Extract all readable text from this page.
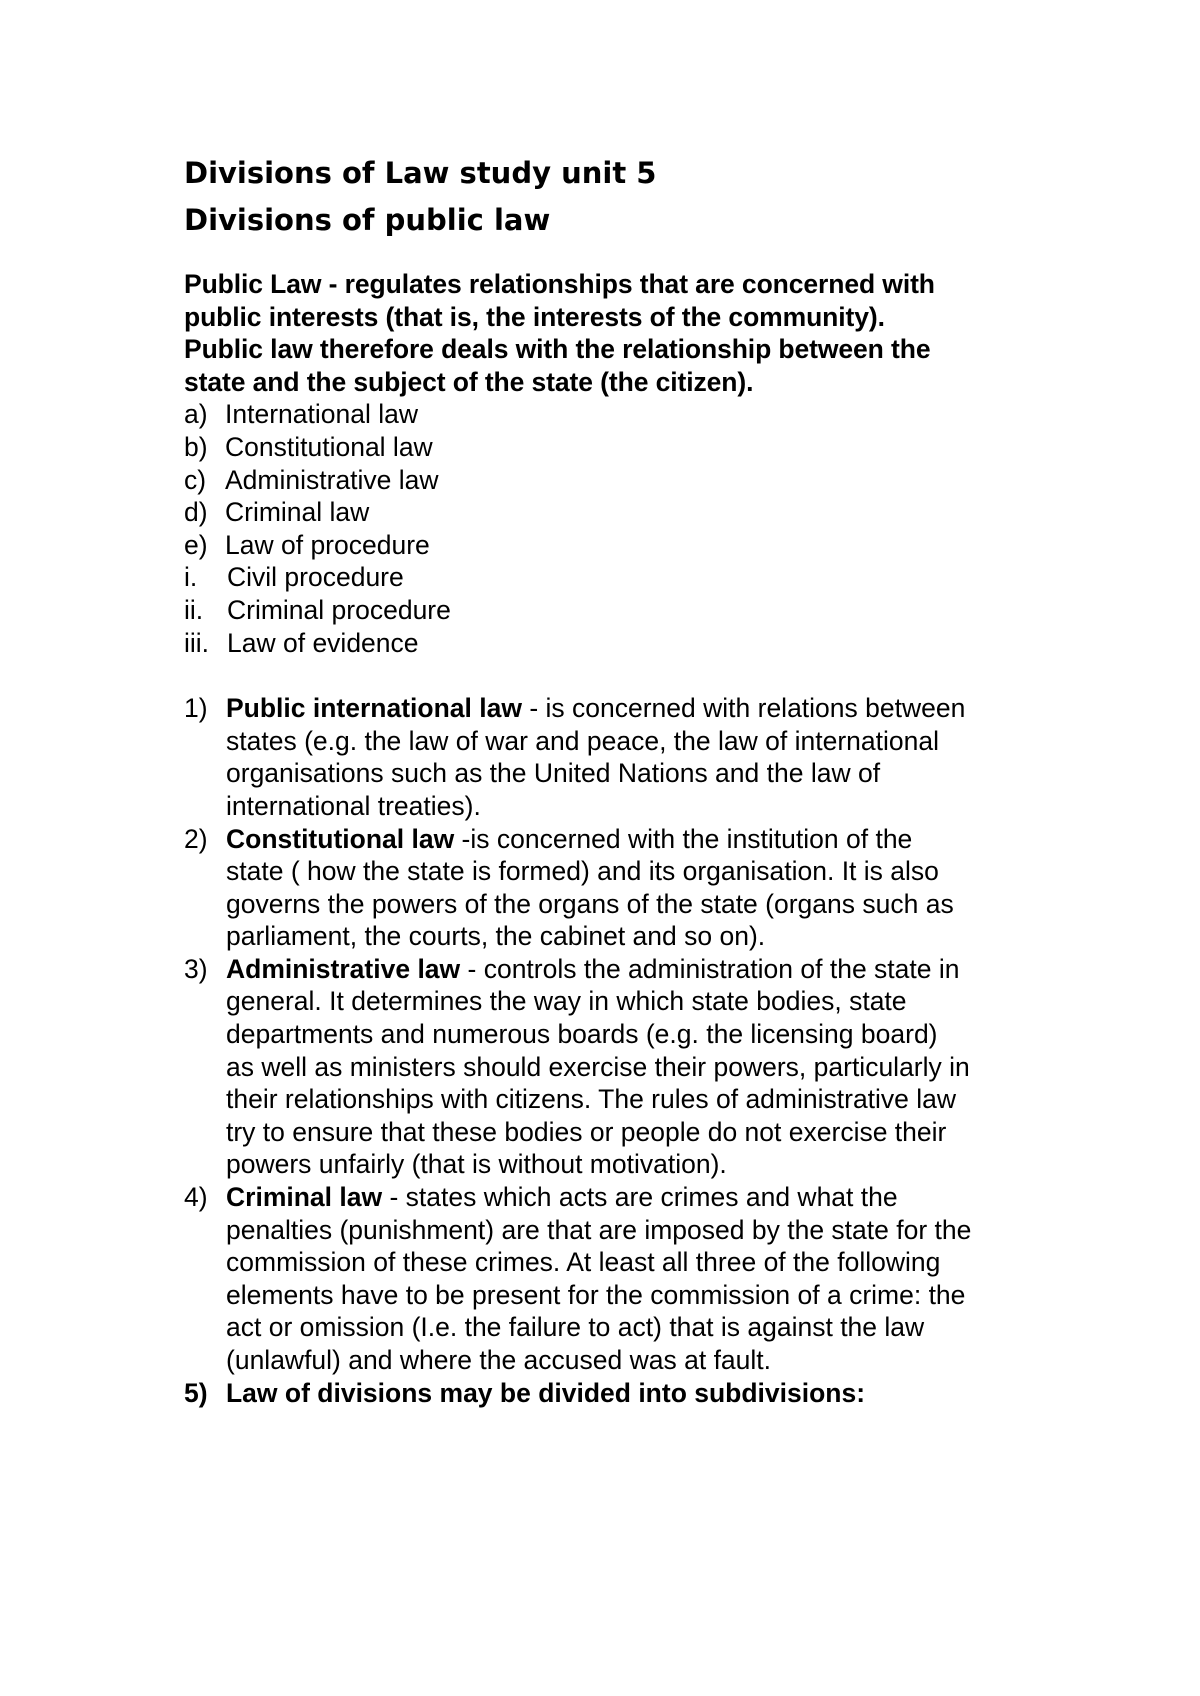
Divisions of Law study unit 5
Divisions of public law
Public Law - regulates relationships that are concerned with
public interests (that is, the interests of the community).
Public law therefore deals with the relationship between the
state and the subject of the state (the citizen).
a) International law
b) Constitutional law
c) Administrative law
d) Criminal law
e) Law of procedure
i.	Civil procedure
ii. Criminal procedure
iii. Law of evidence
1) Public international law - is concerned with relations between
states (e.g. the law of war and peace, the law of international
organisations such as the United Nations and the law of
international treaties).
2) Constitutional law -is concerned with the institution of the
state ( how the state is formed) and its organisation. It is also
governs the powers of the organs of the state (organs such as
parliament, the courts, the cabinet and so on).
3) Administrative law - controls the administration of the state in
general. It determines the way in which state bodies, state
departments and numerous boards (e.g. the licensing board)
as well as ministers should exercise their powers, particularly in
their relationships with citizens. The rules of administrative law
try to ensure that these bodies or people do not exercise their
powers unfairly (that is without motivation).
4) Criminal law - states which acts are crimes and what the
penalties (punishment) are that are imposed by the state for the
commission of these crimes. At least all three of the following
elements have to be present for the commission of a crime: the
act or omission (I.e. the failure to act) that is against the law
(unlawful) and where the accused was at fault.
5) Law of divisions may be divided into subdivisions:
